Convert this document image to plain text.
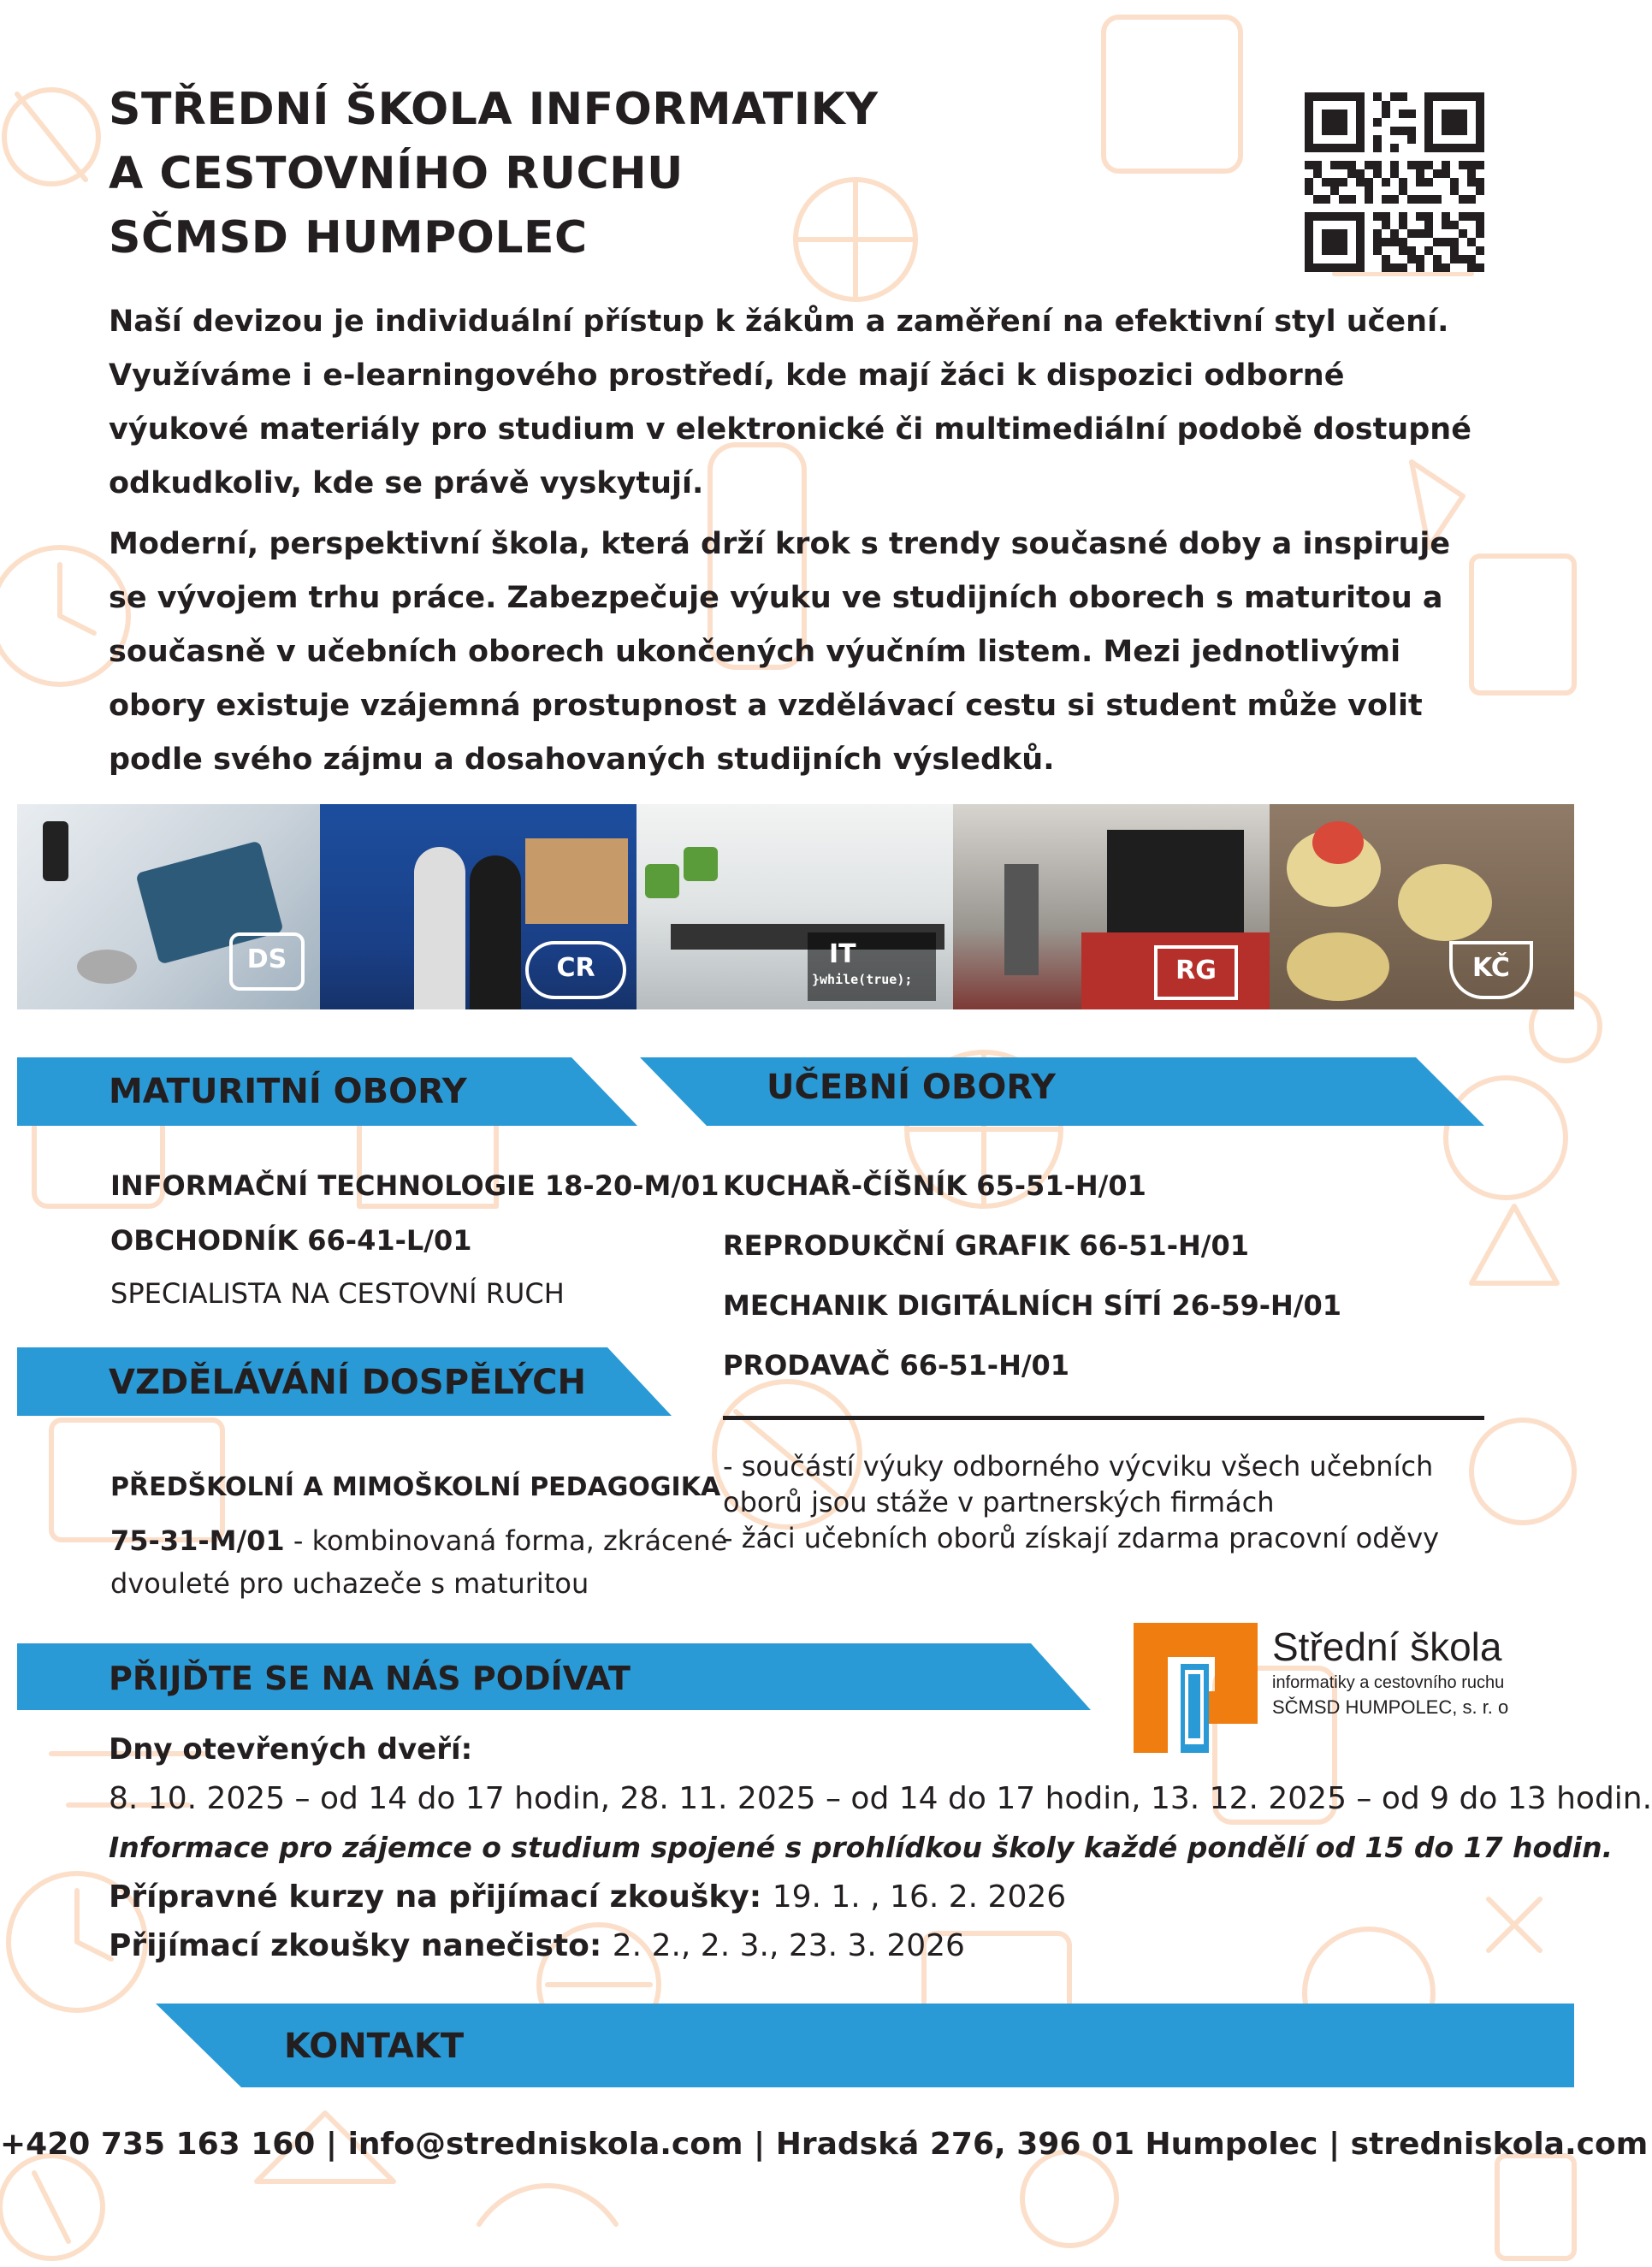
STŘEDNÍ ŠKOLA INFORMATIKY
A CESTOVNÍHO RUCHU
SČMSD HUMPOLEC
Naší devizou je individuální přístup k žákům a zaměření na efektivní styl učení. Využíváme i e-learningového prostředí, kde mají žáci k dispozici odborné výukové materiály pro studium v elektronické či multimediální podobě dostupné odkudkoliv, kde se právě vyskytují.
Moderní, perspektivní škola, která drží krok s trendy současné doby a inspiruje se vývojem trhu práce. Zabezpečuje výuku ve studijních oborech s maturitou a současně v učebních oborech ukončených výučním listem. Mezi jednotlivými obory existuje vzájemná prostupnost a vzdělávací cestu si student může volit podle svého zájmu a dosahovaných studijních výsledků.
DS	CR	IT
}while(true);	RG	KČ
MATURITNÍ OBORY	UČEBNÍ OBORY
INFORMAČNÍ TECHNOLOGIE 18-20-M/01
OBCHODNÍK 66-41-L/01
SPECIALISTA NA CESTOVNÍ RUCH
KUCHAŘ-ČÍŠNÍK 65-51-H/01
REPRODUKČNÍ GRAFIK 66-51-H/01
MECHANIK DIGITÁLNÍCH SÍTÍ 26-59-H/01
PRODAVAČ 66-51-H/01
- součástí výuky odborného výcviku všech učebních
oborů jsou stáže v partnerských firmách
- žáci učebních oborů získají zdarma pracovní oděvy
VZDĚLÁVÁNÍ DOSPĚLÝCH
PŘEDŠKOLNÍ A MIMOŠKOLNÍ PEDAGOGIKA
75-31-M/01 - kombinovaná forma, zkrácené
dvouleté pro uchazeče s maturitou
PŘIJĎTE SE NA NÁS PODÍVAT
Střední škola
informatiky a cestovního ruchu
SČMSD HUMPOLEC, s. r. o
Dny otevřených dveří:
8. 10. 2025 – od 14 do 17 hodin, 28. 11. 2025 – od 14 do 17 hodin, 13. 12. 2025 – od 9 do 13 hodin.
Informace pro zájemce o studium spojené s prohlídkou školy každé pondělí od 15 do 17 hodin.
Přípravné kurzy na přijímací zkoušky: 19. 1. , 16. 2. 2026
Přijímací zkoušky nanečisto: 2. 2., 2. 3., 23. 3. 2026
KONTAKT
+420 735 163 160 | info@stredniskola.com | Hradská 276, 396 01 Humpolec | stredniskola.com
